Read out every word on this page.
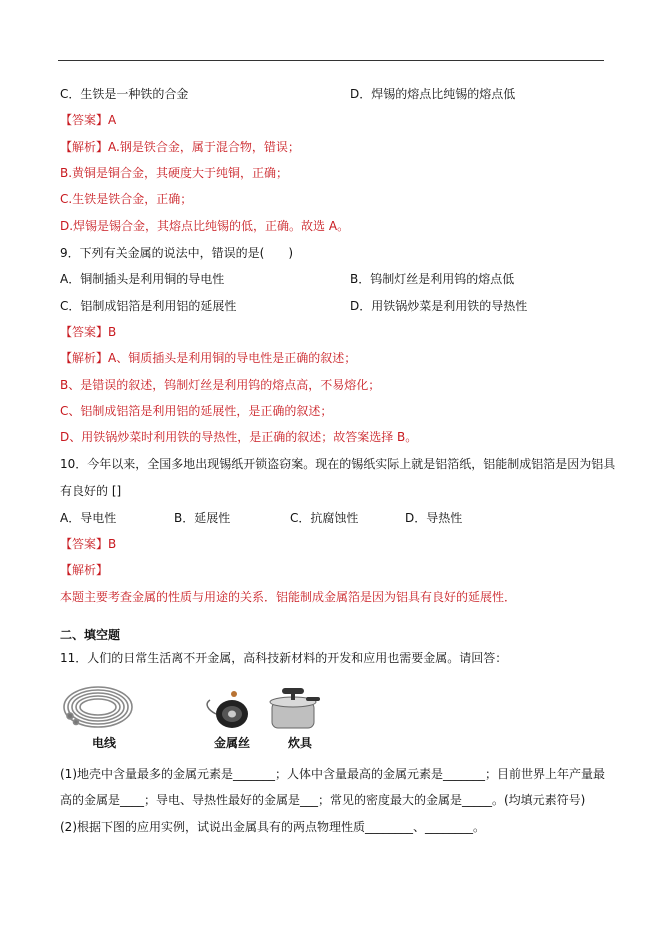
C．生铁是一种铁的合金	D．焊锡的熔点比纯锡的熔点低
【答案】A
【解析】A.钢是铁合金，属于混合物，错误；
B.黄铜是铜合金，其硬度大于纯铜，正确；
C.生铁是铁合金，正确；
D.焊锡是锡合金，其熔点比纯锡的低，正确。故选 A。
9．下列有关金属的说法中，错误的是(　　)
A．铜制插头是利用铜的导电性	B．钨制灯丝是利用钨的熔点低
C．铝制成铝箔是利用铝的延展性	D．用铁锅炒菜是利用铁的导热性
【答案】B
【解析】A、铜质插头是利用铜的导电性是正确的叙述；
B、是错误的叙述，钨制灯丝是利用钨的熔点高，不易熔化；
C、铝制成铝箔是利用铝的延展性，是正确的叙述；
D、用铁锅炒菜时利用铁的导热性，是正确的叙述；故答案选择 B。
10．今年以来，全国多地出现锡纸开锁盗窃案。现在的锡纸实际上就是铝箔纸，铝能制成铝箔是因为铝具
有良好的 []
A．导电性	B．延展性	C．抗腐蚀性	D．导热性
【答案】B
【解析】
本题主要考查金属的性质与用途的关系．铝能制成金属箔是因为铝具有良好的延展性．
二、填空题
11．人们的日常生活离不开金属，高科技新材料的开发和应用也需要金属。请回答：
电线	金属丝	炊具
(1)地壳中含量最多的金属元素是_______；人体中含量最高的金属元素是_______；目前世界上年产量最
高的金属是____；导电、导热性最好的金属是___；常见的密度最大的金属是_____。(均填元素符号)
(2)根据下图的应用实例，试说出金属具有的两点物理性质________、________。
